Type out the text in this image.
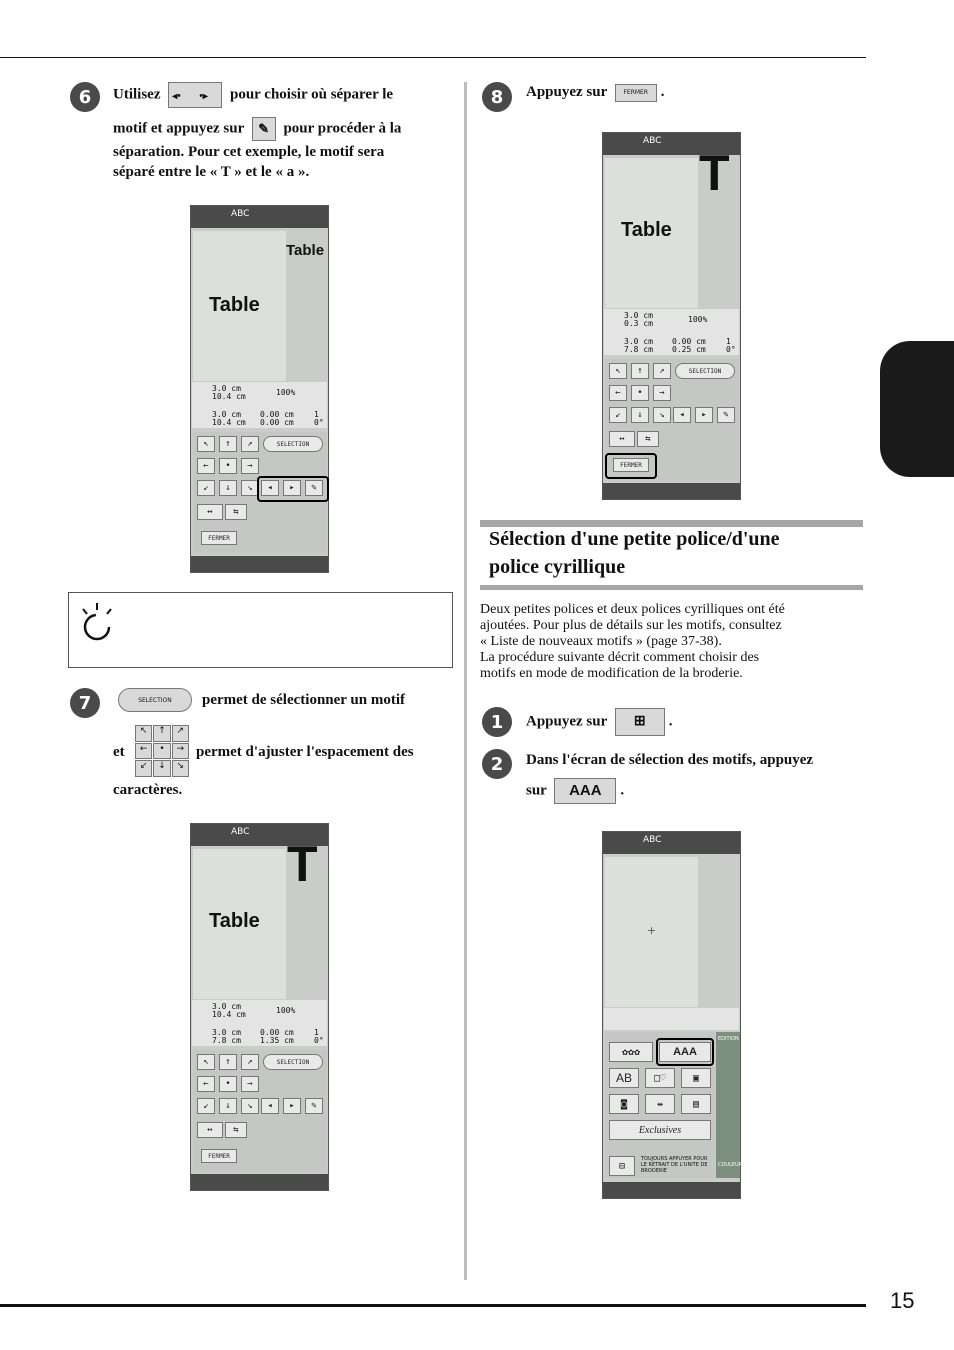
15
6	Utilisez ◂• •▸ pour choisir où séparer le
motif et appuyez sur ✎ pour procéder à la
séparation. Pour cet exemple, le motif sera
séparé entre le « T » et le « a ».
ABC
Table
Table
3.0 cm
10.4 cm	100%
3.0 cm
10.4 cm
0.00 cm
0.00 cm
1
0°
↖	↑	↗	SELECTION
←	•	→
↙	↓	↘	◂	▸	✎
↔	⇆
FERMER
7	SELECTION permet de sélectionner un motif
et
↖	↑	↗
←	•	→
↙	↓	↘
permet d'ajuster l'espacement des
caractères.
ABC
Table
T
3.0 cm
10.4 cm	100%
3.0 cm
7.8 cm
0.00 cm
1.35 cm
1
0°
↖	↑	↗	SELECTION
←	•	→
↙	↓	↘	◂	▸	✎
↔	⇆
FERMER
8	Appuyez sur	FERMER .
ABC
Table
T
3.0 cm
0.3 cm	100%
3.0 cm
7.8 cm
0.00 cm
0.25 cm
1
0°
↖	↑	↗	SELECTION
←	•	→
↙	↓	↘	◂	▸	✎
↔	⇆
FERMER
Sélection d'une petite police/d'une
police cyrillique
Deux petites polices et deux polices cyrilliques ont été
ajoutées. Pour plus de détails sur les motifs, consultez
« Liste de nouveaux motifs » (page 37-38).
La procédure suivante décrit comment choisir des
motifs en mode de modification de la broderie.
1	Appuyez sur ⊞ .
2	Dans l'écran de sélection des motifs, appuyez
sur AAA .
ABC
+
✿✿✿	AAA
AB	□♡	▣
◙	⇹	▤
Exclusives
⊟
TOUJOURS APPUYER POUR LE RETRAIT DE L'UNITE DE BRODERIE
EDITION
COULEUR
